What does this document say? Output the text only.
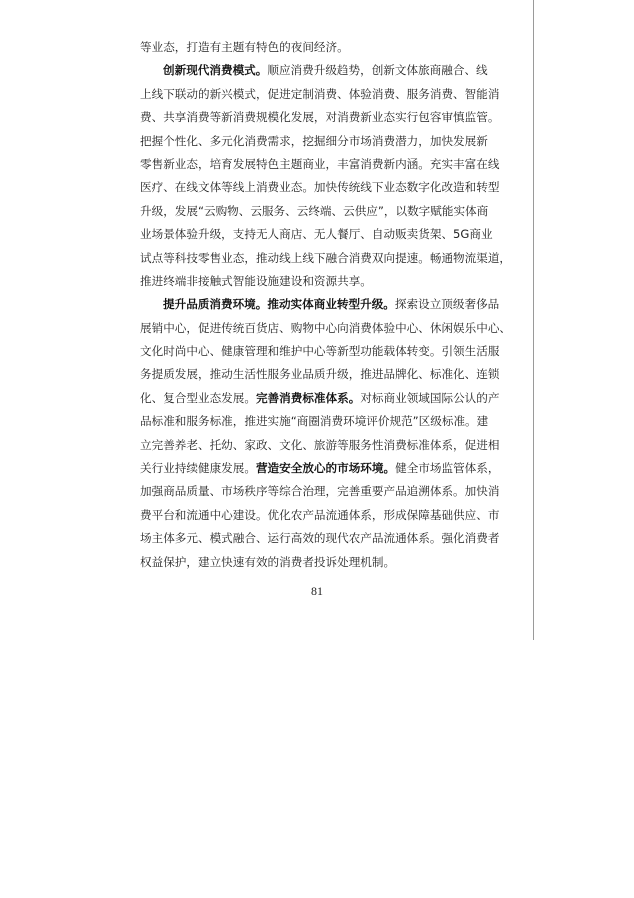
等业态，打造有主题有特色的夜间经济。
创新现代消费模式。顺应消费升级趋势，创新文体旅商融合、线
上线下联动的新兴模式，促进定制消费、体验消费、服务消费、智能消
费、共享消费等新消费规模化发展，对消费新业态实行包容审慎监管。
把握个性化、多元化消费需求，挖掘细分市场消费潜力，加快发展新
零售新业态，培育发展特色主题商业，丰富消费新内涵。充实丰富在线
医疗、在线文体等线上消费业态。加快传统线下业态数字化改造和转型
升级，发展“云购物、云服务、云终端、云供应”，以数字赋能实体商
业场景体验升级，支持无人商店、无人餐厅、自动贩卖货架、5G商业
试点等科技零售业态，推动线上线下融合消费双向提速。畅通物流渠道，
推进终端非接触式智能设施建设和资源共享。
提升品质消费环境。推动实体商业转型升级。探索设立顶级奢侈品
展销中心，促进传统百货店、购物中心向消费体验中心、休闲娱乐中心、
文化时尚中心、健康管理和维护中心等新型功能载体转变。引领生活服
务提质发展，推动生活性服务业品质升级，推进品牌化、标准化、连锁
化、复合型业态发展。完善消费标准体系。对标商业领域国际公认的产
品标准和服务标准，推进实施“商圈消费环境评价规范”区级标准。建
立完善养老、托幼、家政、文化、旅游等服务性消费标准体系，促进相
关行业持续健康发展。营造安全放心的市场环境。健全市场监管体系，
加强商品质量、市场秩序等综合治理，完善重要产品追溯体系。加快消
费平台和流通中心建设。优化农产品流通体系，形成保障基础供应、市
场主体多元、模式融合、运行高效的现代农产品流通体系。强化消费者
权益保护，建立快速有效的消费者投诉处理机制。
81
